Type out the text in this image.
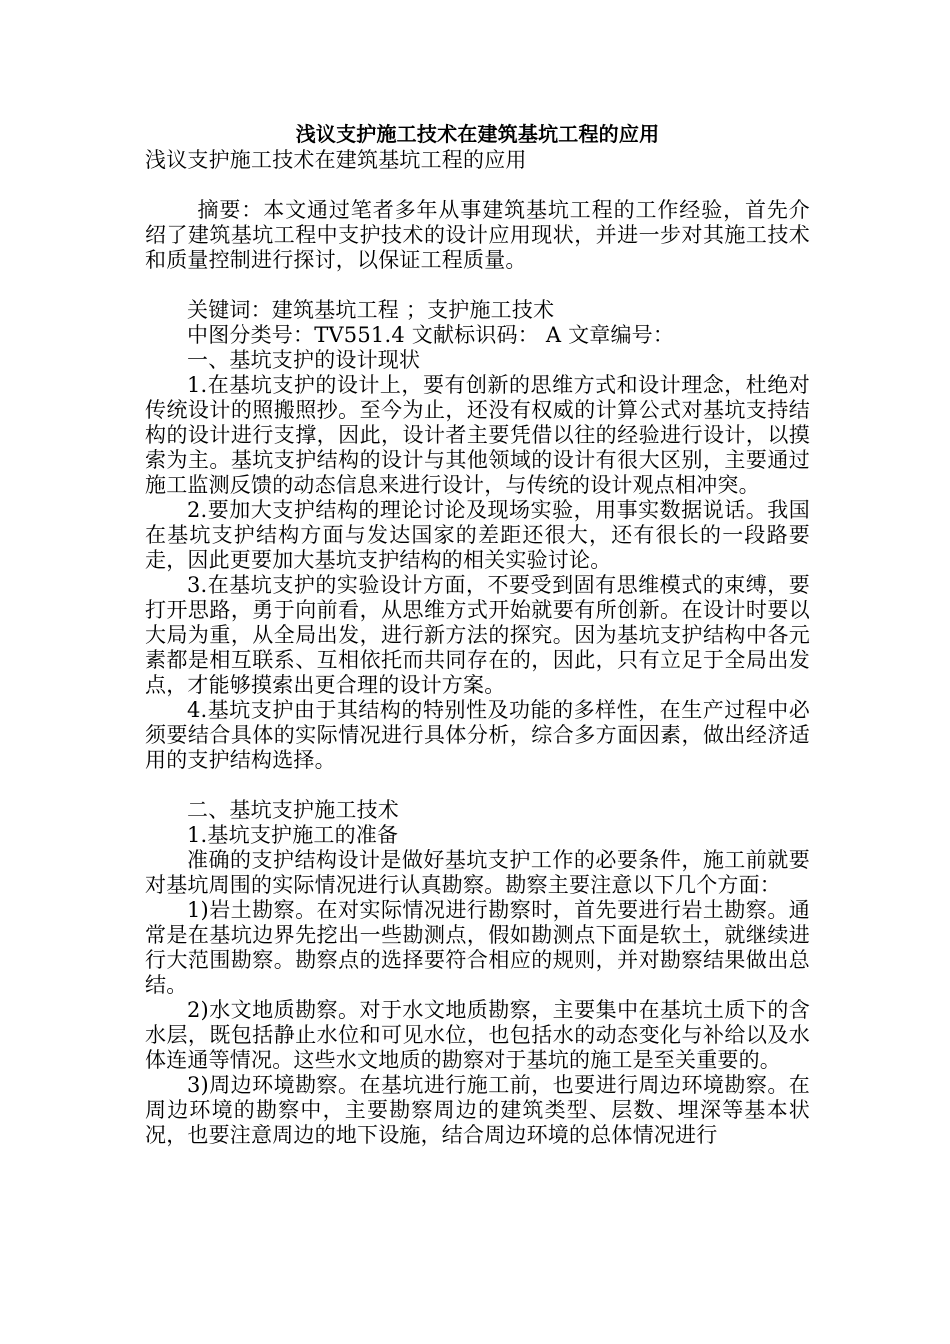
浅议支护施工技术在建筑基坑工程的应用

浅议支护施工技术在建筑基坑工程的应用

摘要：本文通过笔者多年从事建筑基坑工程的工作经验，首先介绍了建筑基坑工程中支护技术的设计应用现状，并进一步对其施工技术和质量控制进行探讨，以保证工程质量。

关键词：建筑基坑工程 ；支护施工技术

中图分类号：TV551.4 文献标识码： A 文章编号：

一、基坑支护的设计现状

1.在基坑支护的设计上，要有创新的思维方式和设计理念，杜绝对传统设计的照搬照抄。至今为止，还没有权威的计算公式对基坑支持结构的设计进行支撑，因此，设计者主要凭借以往的经验进行设计，以摸索为主。基坑支护结构的设计与其他领域的设计有很大区别，主要通过施工监测反馈的动态信息来进行设计，与传统的设计观点相冲突。

2.要加大支护结构的理论讨论及现场实验，用事实数据说话。我国在基坑支护结构方面与发达国家的差距还很大，还有很长的一段路要走，因此更要加大基坑支护结构的相关实验讨论。

3.在基坑支护的实验设计方面，不要受到固有思维模式的束缚，要打开思路，勇于向前看，从思维方式开始就要有所创新。在设计时要以大局为重，从全局出发，进行新方法的探究。因为基坑支护结构中各元素都是相互联系、互相依托而共同存在的，因此，只有立足于全局出发点，才能够摸索出更合理的设计方案。

4.基坑支护由于其结构的特别性及功能的多样性，在生产过程中必须要结合具体的实际情况进行具体分析，综合多方面因素，做出经济适用的支护结构选择。

二、基坑支护施工技术

1.基坑支护施工的准备

准确的支护结构设计是做好基坑支护工作的必要条件，施工前就要对基坑周围的实际情况进行认真勘察。勘察主要注意以下几个方面：

1)岩土勘察。在对实际情况进行勘察时，首先要进行岩土勘察。通常是在基坑边界先挖出一些勘测点，假如勘测点下面是软土，就继续进行大范围勘察。勘察点的选择要符合相应的规则，并对勘察结果做出总结。

2)水文地质勘察。对于水文地质勘察，主要集中在基坑土质下的含水层，既包括静止水位和可见水位，也包括水的动态变化与补给以及水体连通等情况。这些水文地质的勘察对于基坑的施工是至关重要的。

3)周边环境勘察。在基坑进行施工前，也要进行周边环境勘察。在周边环境的勘察中，主要勘察周边的建筑类型、层数、埋深等基本状况，也要注意周边的地下设施，结合周边环境的总体情况进行
